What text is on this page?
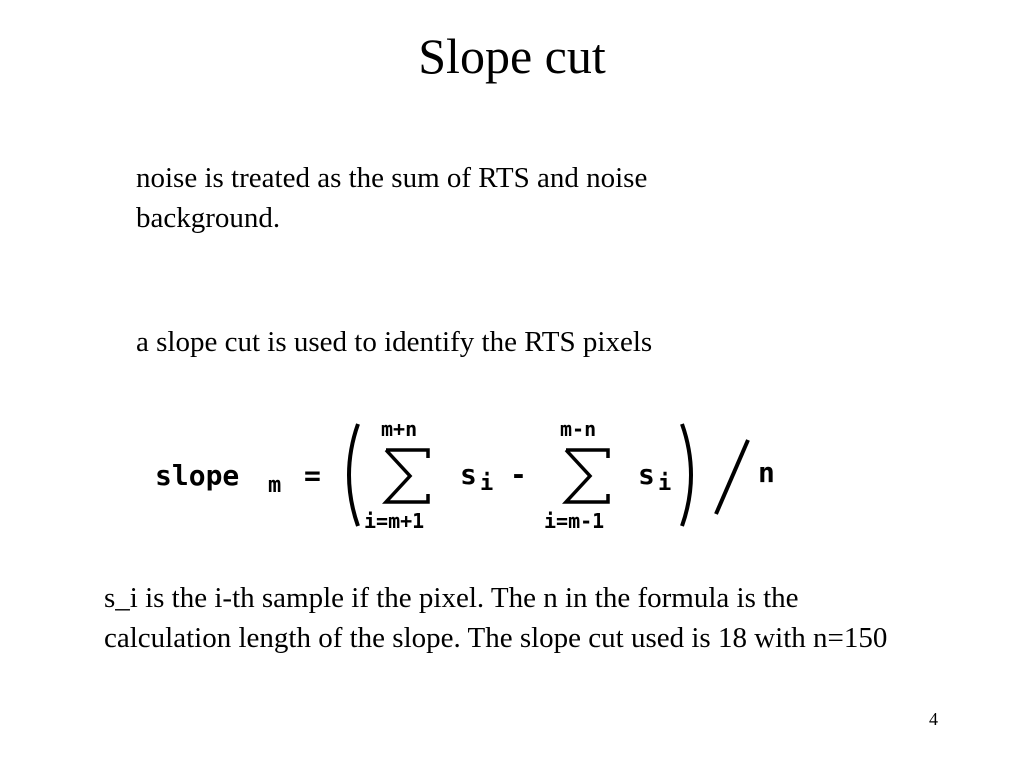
Slope cut
noise is treated as the sum of RTS and noise background.
a slope cut is used to identify the RTS pixels
slope m =
m+n
i=m+1
s i -
m-n
i=m-1
s i	n
s_i is the i-th sample if the pixel. The n in the formula is the calculation length of the slope. The slope cut used is 18 with n=150
4
